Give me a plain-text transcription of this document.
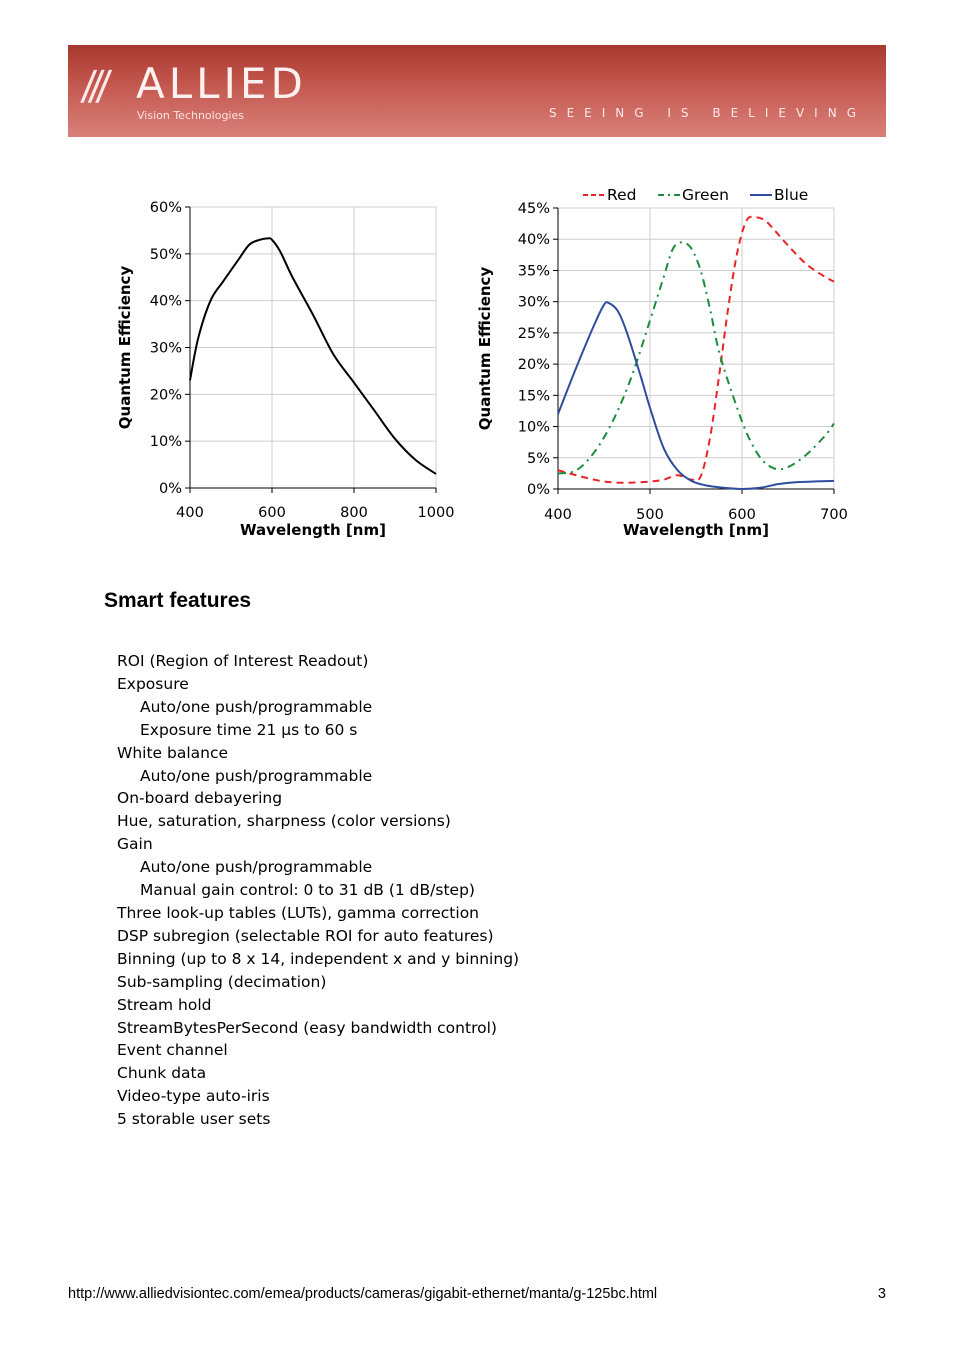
/// ALLIED
Vision Technologies	SEEING IS BELIEVING
0%
10%
20%
30%
40%
50%
60%
400	600	800	1000
Wavelength [nm]
Quantum Efficiency
0%
5%
10%
15%
20%
25%
30%
35%
40%
45%
400	500	600	700
Wavelength [nm]
Quantum Efficiency
Red	Green	Blue
Smart features
ROI (Region of Interest Readout)
Exposure
Auto/one push/programmable
Exposure time 21 µs to 60 s
White balance
Auto/one push/programmable
On-board debayering
Hue, saturation, sharpness (color versions)
Gain
Auto/one push/programmable
Manual gain control: 0 to 31 dB (1 dB/step)
Three look-up tables (LUTs), gamma correction
DSP subregion (selectable ROI for auto features)
Binning (up to 8 x 14, independent x and y binning)
Sub-sampling (decimation)
Stream hold
StreamBytesPerSecond (easy bandwidth control)
Event channel
Chunk data
Video-type auto-iris
5 storable user sets
http://www.alliedvisiontec.com/emea/products/cameras/gigabit-ethernet/manta/g-125bc.html	3
